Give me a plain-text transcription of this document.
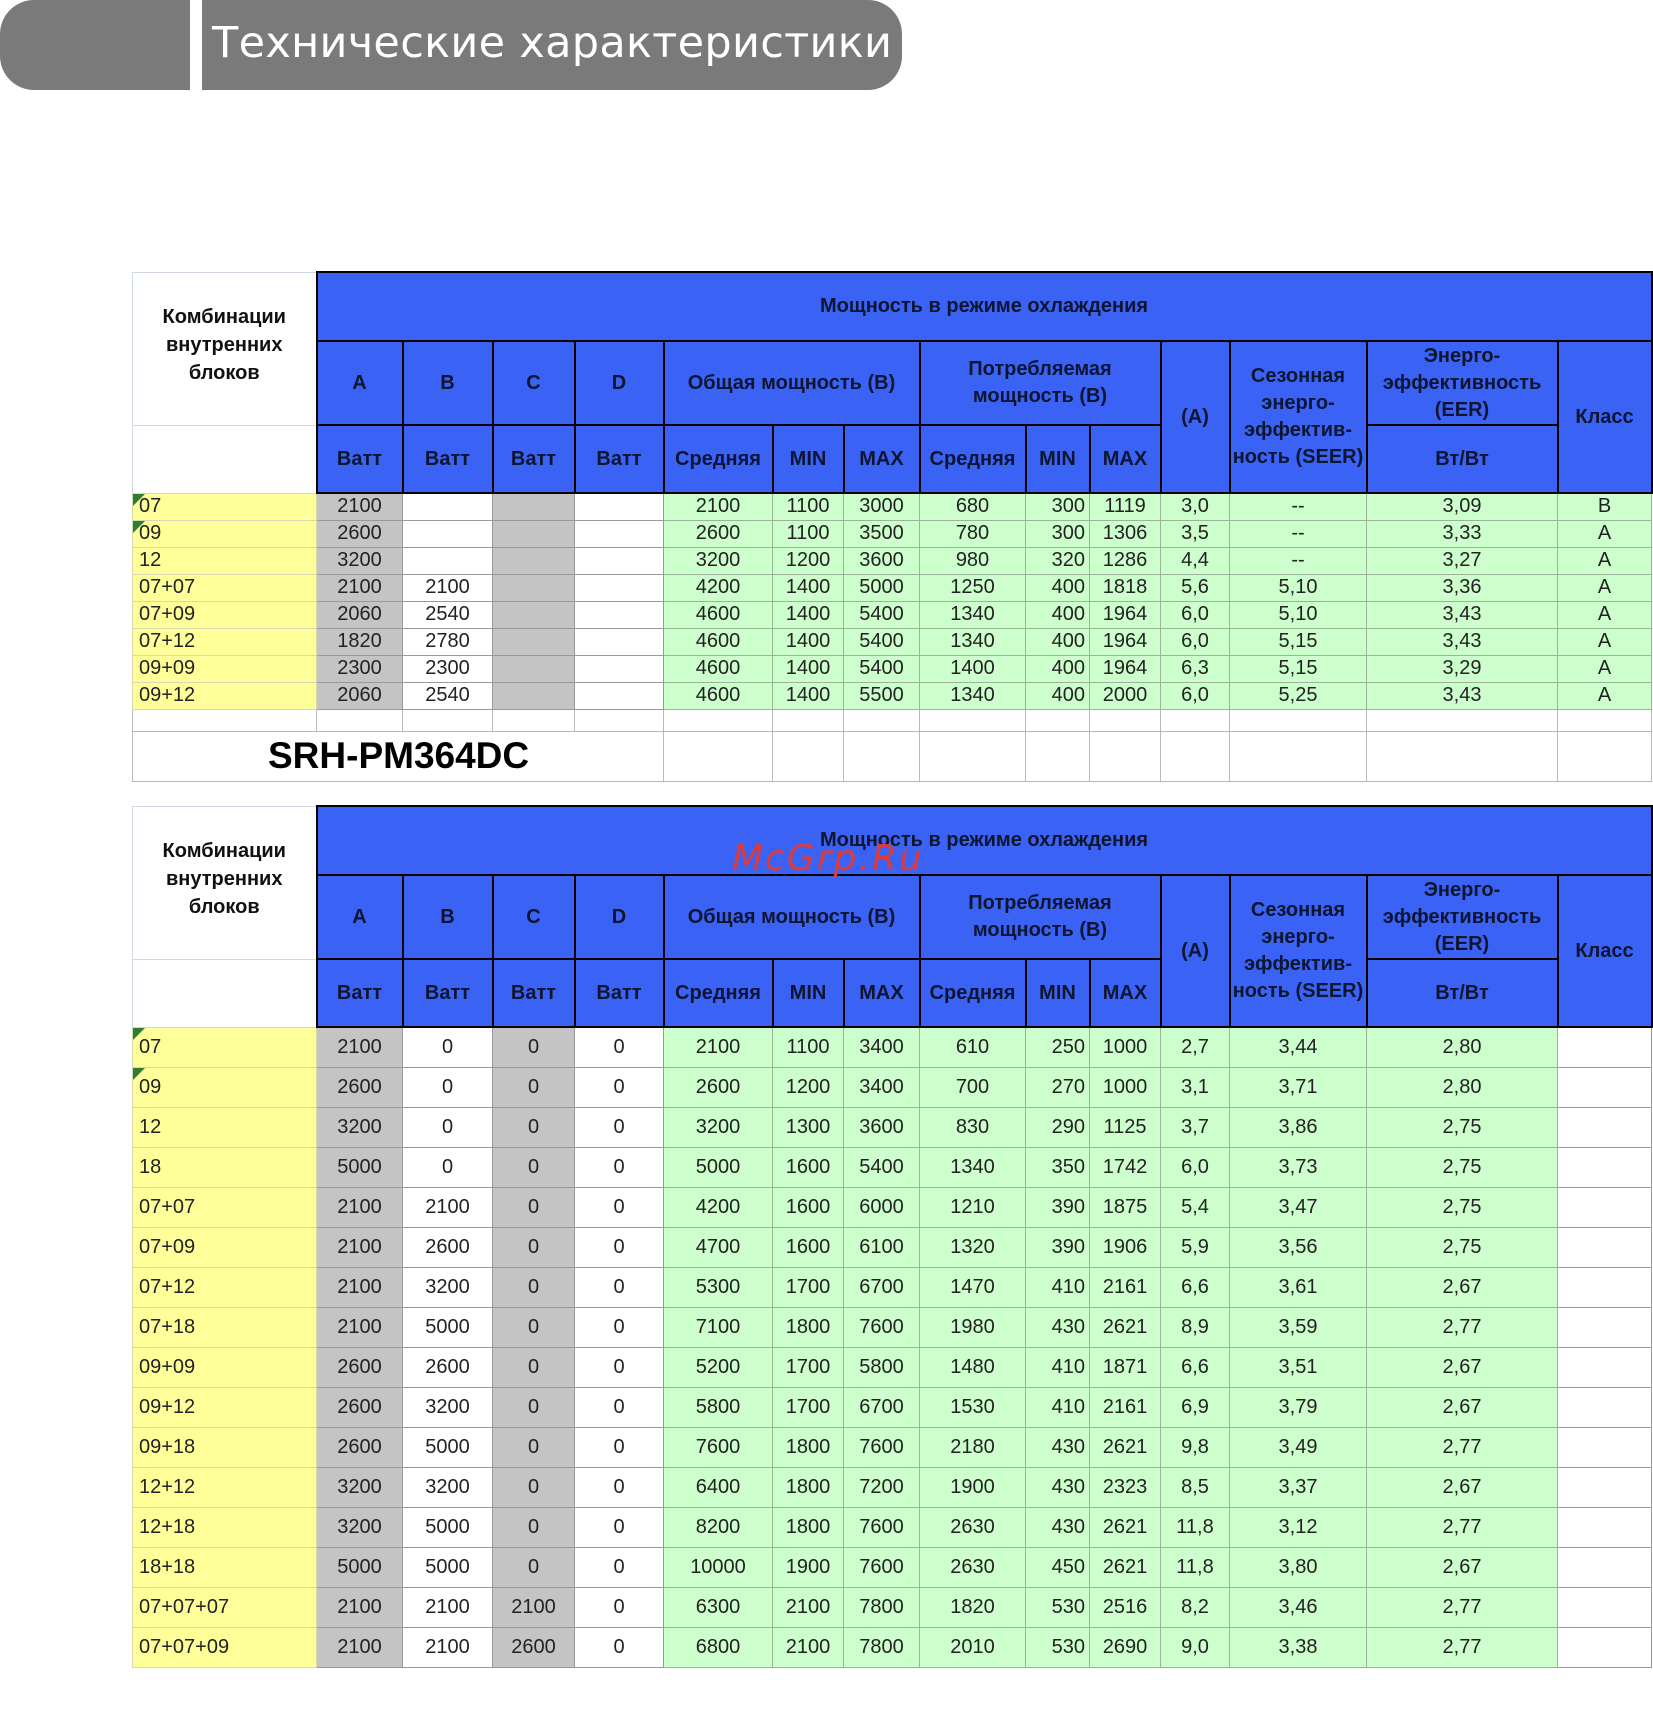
Технические характеристики
Комбинации внутренних блоков	Мощность в режиме охлаждения													
	A	B	C	D	Общая мощность (В)			Потребляемая мощность (В)			(A)	Сезонная энерго-эффектив-ность (SEER)	Энерго-эффективность (EER)	Класс
	Ватт	Ватт	Ватт	Ватт	Средняя	MIN	MAX	Средняя	MIN	MAX			Вт/Вт	
07	2100				2100	1100	3000	680	300	1119	3,0	--	3,09	B
09	2600				2600	1100	3500	780	300	1306	3,5	--	3,33	A
12	3200				3200	1200	3600	980	320	1286	4,4	--	3,27	A
07+07	2100	2100			4200	1400	5000	1250	400	1818	5,6	5,10	3,36	A
07+09	2060	2540			4600	1400	5400	1340	400	1964	6,0	5,10	3,43	A
07+12	1820	2780			4600	1400	5400	1340	400	1964	6,0	5,15	3,43	A
09+09	2300	2300			4600	1400	5400	1400	400	1964	6,3	5,15	3,29	A
09+12	2060	2540			4600	1400	5500	1340	400	2000	6,0	5,25	3,43	A

SRH-PM364DC														
Комбинации внутренних блоков	Мощность в режиме охлаждения													
	A	B	C	D	Общая мощность (В)			Потребляемая мощность (В)			(A)	Сезонная энерго-эффектив-ность (SEER)	Энерго-эффективность (EER)	Класс
	Ватт	Ватт	Ватт	Ватт	Средняя	MIN	MAX	Средняя	MIN	MAX			Вт/Вт	
07	2100	0	0	0	2100	1100	3400	610	250	1000	2,7	3,44	2,80	
09	2600	0	0	0	2600	1200	3400	700	270	1000	3,1	3,71	2,80	
12	3200	0	0	0	3200	1300	3600	830	290	1125	3,7	3,86	2,75	
18	5000	0	0	0	5000	1600	5400	1340	350	1742	6,0	3,73	2,75	
07+07	2100	2100	0	0	4200	1600	6000	1210	390	1875	5,4	3,47	2,75	
07+09	2100	2600	0	0	4700	1600	6100	1320	390	1906	5,9	3,56	2,75	
07+12	2100	3200	0	0	5300	1700	6700	1470	410	2161	6,6	3,61	2,67	
07+18	2100	5000	0	0	7100	1800	7600	1980	430	2621	8,9	3,59	2,77	
09+09	2600	2600	0	0	5200	1700	5800	1480	410	1871	6,6	3,51	2,67	
09+12	2600	3200	0	0	5800	1700	6700	1530	410	2161	6,9	3,79	2,67	
09+18	2600	5000	0	0	7600	1800	7600	2180	430	2621	9,8	3,49	2,77	
12+12	3200	3200	0	0	6400	1800	7200	1900	430	2323	8,5	3,37	2,67	
12+18	3200	5000	0	0	8200	1800	7600	2630	430	2621	11,8	3,12	2,77	
18+18	5000	5000	0	0	10000	1900	7600	2630	450	2621	11,8	3,80	2,67	
07+07+07	2100	2100	2100	0	6300	2100	7800	1820	530	2516	8,2	3,46	2,77	
07+07+09	2100	2100	2600	0	6800	2100	7800	2010	530	2690	9,0	3,38	2,77	
McGrp.Ru
